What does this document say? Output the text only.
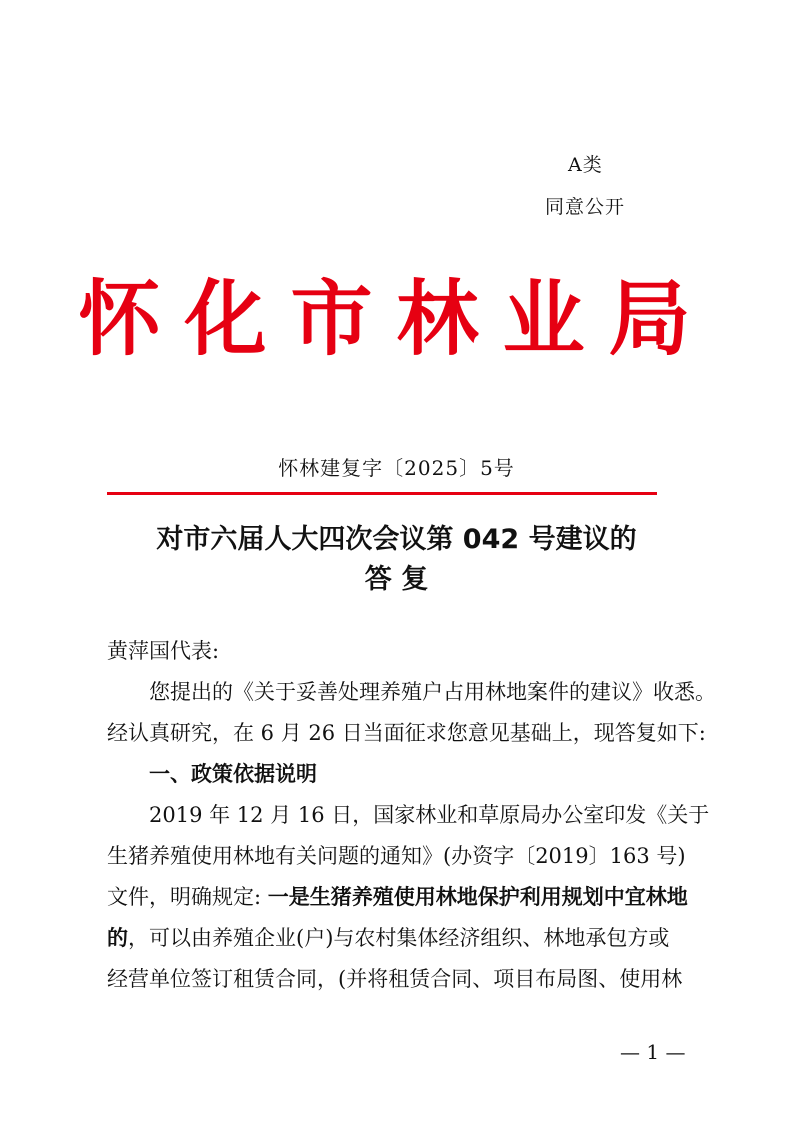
A类
同意公开
怀化市林业局
怀林建复字〔2025〕5号
对市六届人大四次会议第 042 号建议的
答 复
黄萍国代表:
您提出的《关于妥善处理养殖户占用林地案件的建议》收悉。
经认真研究，在 6 月 26 日当面征求您意见基础上，现答复如下:
一、政策依据说明
2019 年 12 月 16 日，国家林业和草原局办公室印发《关于
生猪养殖使用林地有关问题的通知》(办资字〔2019〕163 号)
文件，明确规定: 一是生猪养殖使用林地保护利用规划中宜林地
的，可以由养殖企业(户)与农村集体经济组织、林地承包方或
经营单位签订租赁合同，(并将租赁合同、项目布局图、使用林
— 1 —
